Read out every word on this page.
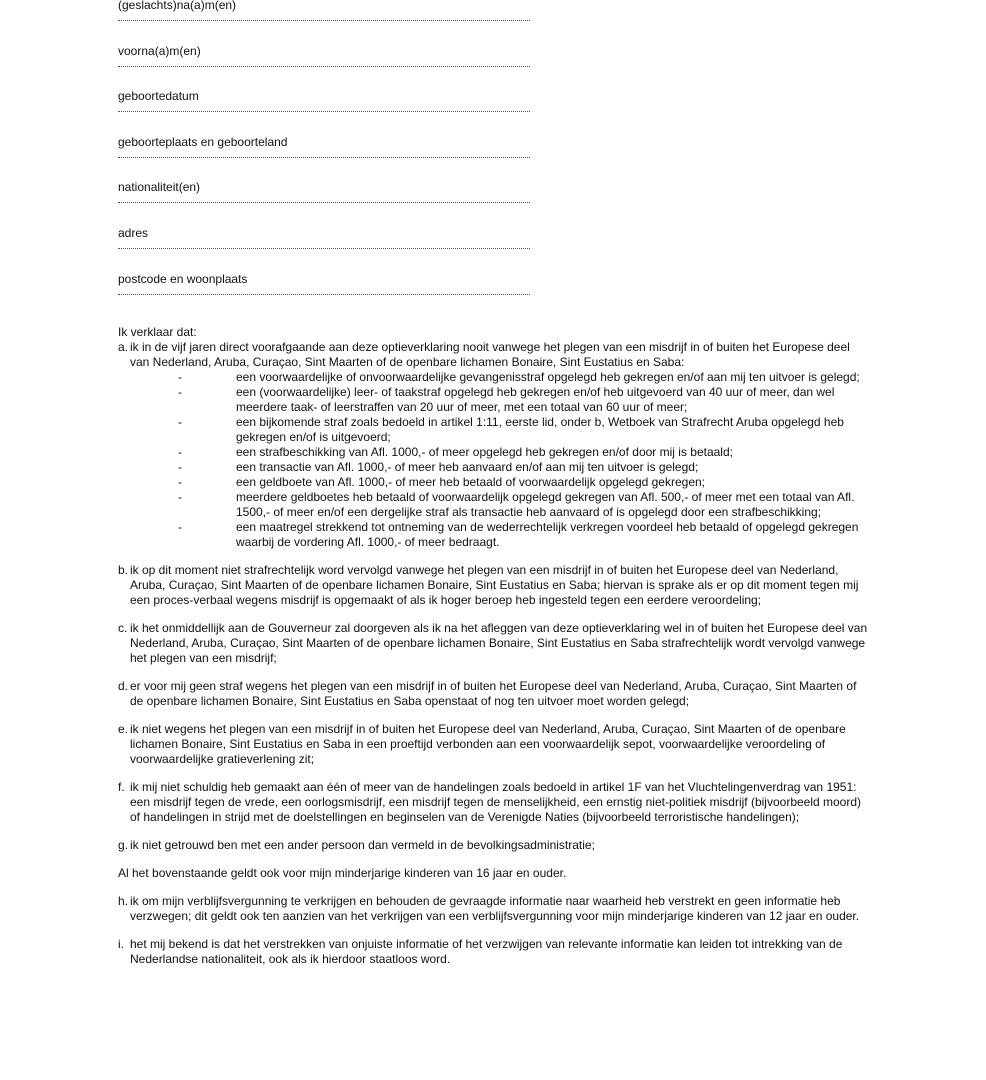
(geslachts)na(a)m(en)
voorna(a)m(en)
geboortedatum
geboorteplaats en geboorteland
nationaliteit(en)
adres
postcode en woonplaats
Ik verklaar dat:
a. ik in de vijf jaren direct voorafgaande aan deze optieverklaring nooit vanwege het plegen van een misdrijf in of buiten het Europese deel van Nederland, Aruba, Curaçao, Sint Maarten of de openbare lichamen Bonaire, Sint Eustatius en Saba:
-	een voorwaardelijke of onvoorwaardelijke gevangenisstraf opgelegd heb gekregen en/of aan mij ten uitvoer is gelegd;
-	een (voorwaardelijke) leer- of taakstraf opgelegd heb gekregen en/of heb uitgevoerd van 40 uur of meer, dan wel meerdere taak- of leerstraffen van 20 uur of meer, met een totaal van 60 uur of meer;
-	een bijkomende straf zoals bedoeld in artikel 1:11, eerste lid, onder b, Wetboek van Strafrecht Aruba opgelegd heb gekregen en/of is uitgevoerd;
-	een strafbeschikking van Afl. 1000,- of meer opgelegd heb gekregen en/of door mij is betaald;
-	een transactie van Afl. 1000,- of meer heb aanvaard en/of aan mij ten uitvoer is gelegd;
-	een geldboete van Afl. 1000,- of meer heb betaald of voorwaardelijk opgelegd gekregen;
-	meerdere geldboetes heb betaald of voorwaardelijk opgelegd gekregen van Afl. 500,- of meer met een totaal van Afl. 1500,- of meer en/of een dergelijke straf als transactie heb aanvaard of is opgelegd door een strafbeschikking;
-	een maatregel strekkend tot ontneming van de wederrechtelijk verkregen voordeel heb betaald of opgelegd gekregen waarbij de vordering Afl. 1000,- of meer bedraagt.
b. ik op dit moment niet strafrechtelijk word vervolgd vanwege het plegen van een misdrijf in of buiten het Europese deel van Nederland, Aruba, Curaçao, Sint Maarten of de openbare lichamen Bonaire, Sint Eustatius en Saba; hiervan is sprake als er op dit moment tegen mij een proces-verbaal wegens misdrijf is opgemaakt of als ik hoger beroep heb ingesteld tegen een eerdere veroordeling;
c. ik het onmiddellijk aan de Gouverneur zal doorgeven als ik na het afleggen van deze optieverklaring wel in of buiten het Europese deel van Nederland, Aruba, Curaçao, Sint Maarten of de openbare lichamen Bonaire, Sint Eustatius en Saba strafrechtelijk wordt vervolgd vanwege het plegen van een misdrijf;
d. er voor mij geen straf wegens het plegen van een misdrijf in of buiten het Europese deel van Nederland, Aruba, Curaçao, Sint Maarten of de openbare lichamen Bonaire, Sint Eustatius en Saba openstaat of nog ten uitvoer moet worden gelegd;
e. ik niet wegens het plegen van een misdrijf in of buiten het Europese deel van Nederland, Aruba, Curaçao, Sint Maarten of de openbare lichamen Bonaire, Sint Eustatius en Saba in een proeftijd verbonden aan een voorwaardelijk sepot, voorwaardelijke veroordeling of voorwaardelijke gratieverlening zit;
f. ik mij niet schuldig heb gemaakt aan één of meer van de handelingen zoals bedoeld in artikel 1F van het Vluchtelingenverdrag van 1951: een misdrijf tegen de vrede, een oorlogsmisdrijf, een misdrijf tegen de menselijkheid, een ernstig niet-politiek misdrijf (bijvoorbeeld moord) of handelingen in strijd met de doelstellingen en beginselen van de Verenigde Naties (bijvoorbeeld terroristische handelingen);
g. ik niet getrouwd ben met een ander persoon dan vermeld in de bevolkingsadministratie;
Al het bovenstaande geldt ook voor mijn minderjarige kinderen van 16 jaar en ouder.
h. ik om mijn verblijfsvergunning te verkrijgen en behouden de gevraagde informatie naar waarheid heb verstrekt en geen informatie heb verzwegen; dit geldt ook ten aanzien van het verkrijgen van een verblijfsvergunning voor mijn minderjarige kinderen van 12 jaar en ouder.
i. het mij bekend is dat het verstrekken van onjuiste informatie of het verzwijgen van relevante informatie kan leiden tot intrekking van de Nederlandse nationaliteit, ook als ik hierdoor staatloos word.
